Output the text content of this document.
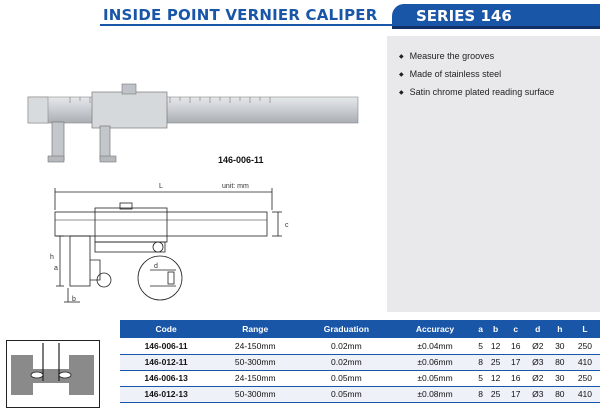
INSIDE POINT VERNIER CALIPER	SERIES 146
◆ Measure the grooves
◆ Made of stainless steel
◆ Satin chrome plated reading surface
146-006-11
L	unit: mm
c
h
a
b
d
Code	Range	Graduation	Accuracy	a	b	c	d	h	L
146-006-11	24-150mm	0.02mm	±0.04mm	5	12	16	Ø2	30	250
146-012-11	50-300mm	0.02mm	±0.06mm	8	25	17	Ø3	80	410
146-006-13	24-150mm	0.05mm	±0.05mm	5	12	16	Ø2	30	250
146-012-13	50-300mm	0.05mm	±0.08mm	8	25	17	Ø3	80	410
